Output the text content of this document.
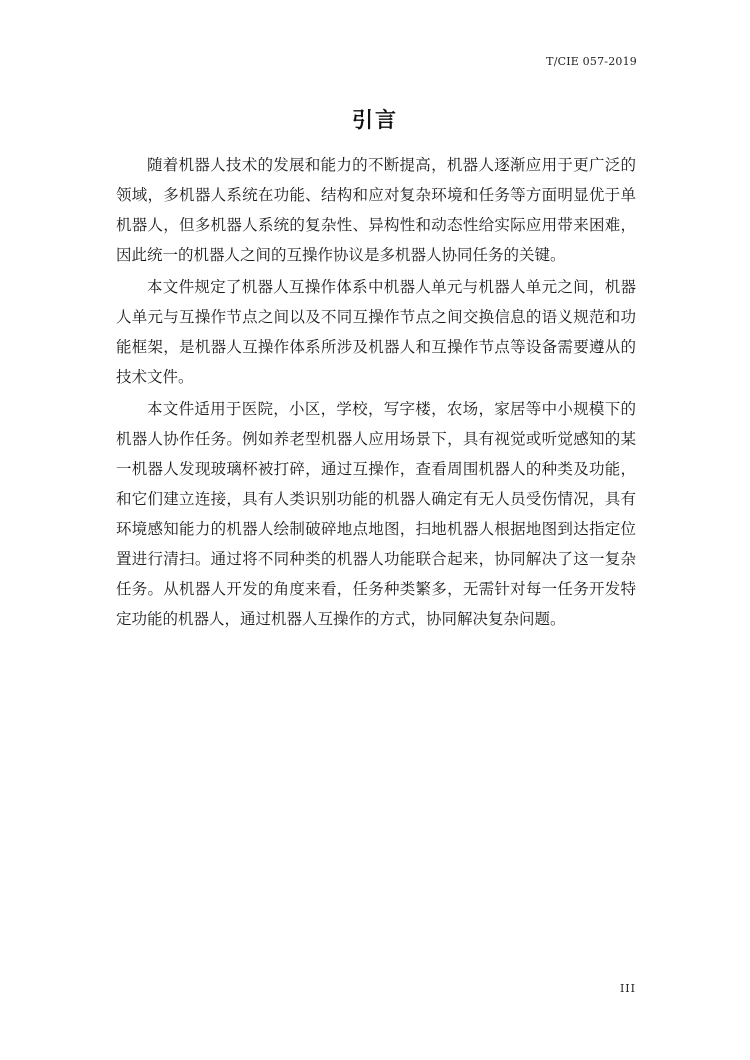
T/CIE 057-2019
引言

随着机器人技术的发展和能力的不断提高，机器人逐渐应用于更广泛的领域，多机器人系统在功能、结构和应对复杂环境和任务等方面明显优于单机器人，但多机器人系统的复杂性、异构性和动态性给实际应用带来困难，因此统一的机器人之间的互操作协议是多机器人协同任务的关键。

本文件规定了机器人互操作体系中机器人单元与机器人单元之间，机器人单元与互操作节点之间以及不同互操作节点之间交换信息的语义规范和功能框架，是机器人互操作体系所涉及机器人和互操作节点等设备需要遵从的技术文件。

本文件适用于医院，小区，学校，写字楼，农场，家居等中小规模下的机器人协作任务。例如养老型机器人应用场景下，具有视觉或听觉感知的某一机器人发现玻璃杯被打碎，通过互操作，查看周围机器人的种类及功能，和它们建立连接，具有人类识别功能的机器人确定有无人员受伤情况，具有环境感知能力的机器人绘制破碎地点地图，扫地机器人根据地图到达指定位置进行清扫。通过将不同种类的机器人功能联合起来，协同解决了这一复杂任务。从机器人开发的角度来看，任务种类繁多，无需针对每一任务开发特定功能的机器人，通过机器人互操作的方式，协同解决复杂问题。

III
